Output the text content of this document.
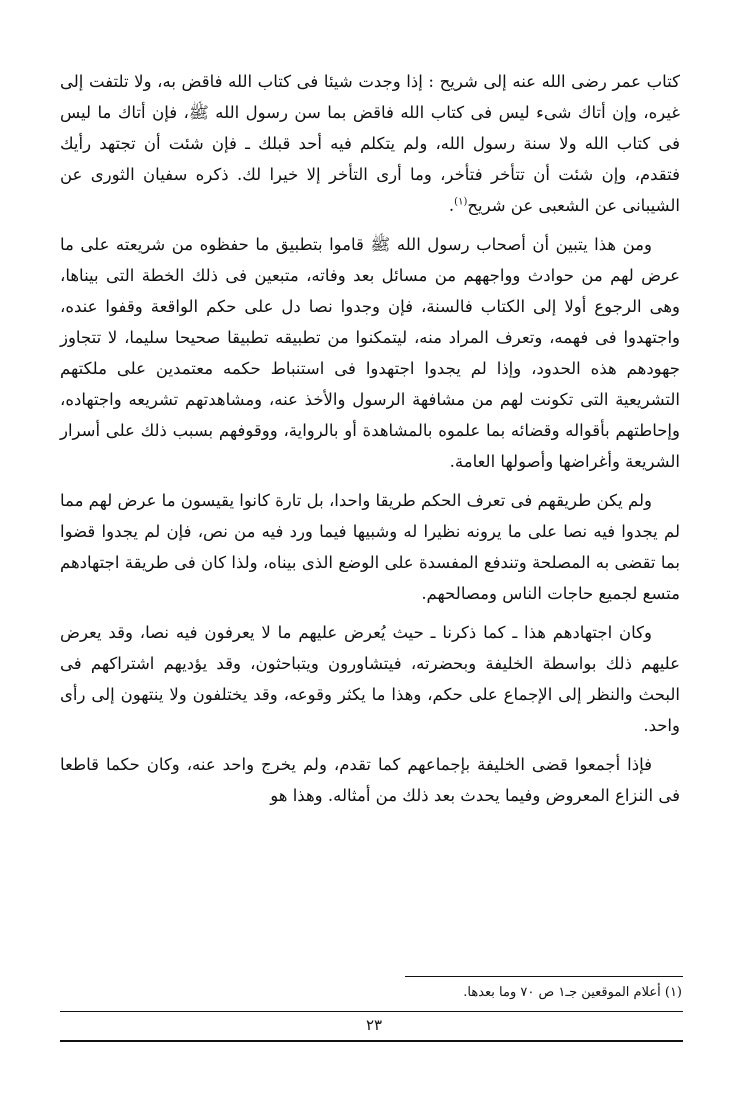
كتاب عمر رضى الله عنه إلى شريح : إذا وجدت شيئا فى كتاب الله فاقض به، ولا تلتفت إلى غيره، وإن أتاك شىء ليس فى كتاب الله فاقض بما سن رسول الله ﷺ، فإن أتاك ما ليس فى كتاب الله ولا سنة رسول الله، ولم يتكلم فيه أحد قبلك ـ فإن شئت أن تجتهد رأيك فتقدم، وإن شئت أن تتأخر فتأخر، وما أرى التأخر إلا خيرا لك. ذكره سفيان الثورى عن الشيبانى عن الشعبى عن شريح$^{(١)}$.

ومن هذا يتبين أن أصحاب رسول الله ﷺ قاموا بتطبيق ما حفظوه من شريعته على ما عرض لهم من حوادث وواجههم من مسائل بعد وفاته، متبعين فى ذلك الخطة التى بيناها، وهى الرجوع أولا إلى الكتاب فالسنة، فإن وجدوا نصا دل على حكم الواقعة وقفوا عنده، واجتهدوا فى فهمه، وتعرف المراد منه، ليتمكنوا من تطبيقه تطبيقا صحيحا سليما، لا تتجاوز جهودهم هذه الحدود، وإذا لم يجدوا اجتهدوا فى استنباط حكمه معتمدين على ملكتهم التشريعية التى تكونت لهم من مشافهة الرسول والأخذ عنه، ومشاهدتهم تشريعه واجتهاده، وإحاطتهم بأقواله وقضائه بما علموه بالمشاهدة أو بالرواية، ووقوفهم بسبب ذلك على أسرار الشريعة وأغراضها وأصولها العامة.

ولم يكن طريقهم فى تعرف الحكم طريقا واحدا، بل تارة كانوا يقيسون ما عرض لهم مما لم يجدوا فيه نصا على ما يرونه نظيرا له وشبيها فيما ورد فيه من نص، فإن لم يجدوا قضوا بما تقضى به المصلحة وتندفع المفسدة على الوضع الذى بيناه، ولذا كان فى طريقة اجتهادهم متسع لجميع حاجات الناس ومصالحهم.

وكان اجتهادهم هذا ـ كما ذكرنا ـ حيث يُعرض عليهم ما لا يعرفون فيه نصا، وقد يعرض عليهم ذلك بواسطة الخليفة وبحضرته، فيتشاورون ويتباحثون، وقد يؤديهم اشتراكهم فى البحث والنظر إلى الإجماع على حكم، وهذا ما يكثر وقوعه، وقد يختلفون ولا ينتهون إلى رأى واحد.

فإذا أجمعوا قضى الخليفة بإجماعهم كما تقدم، ولم يخرج واحد عنه، وكان حكما قاطعا فى النزاع المعروض وفيما يحدث بعد ذلك من أمثاله. وهذا هو

(١) أعلام الموقعين جـ١ ص ٧٠ وما بعدها.
٢٣
